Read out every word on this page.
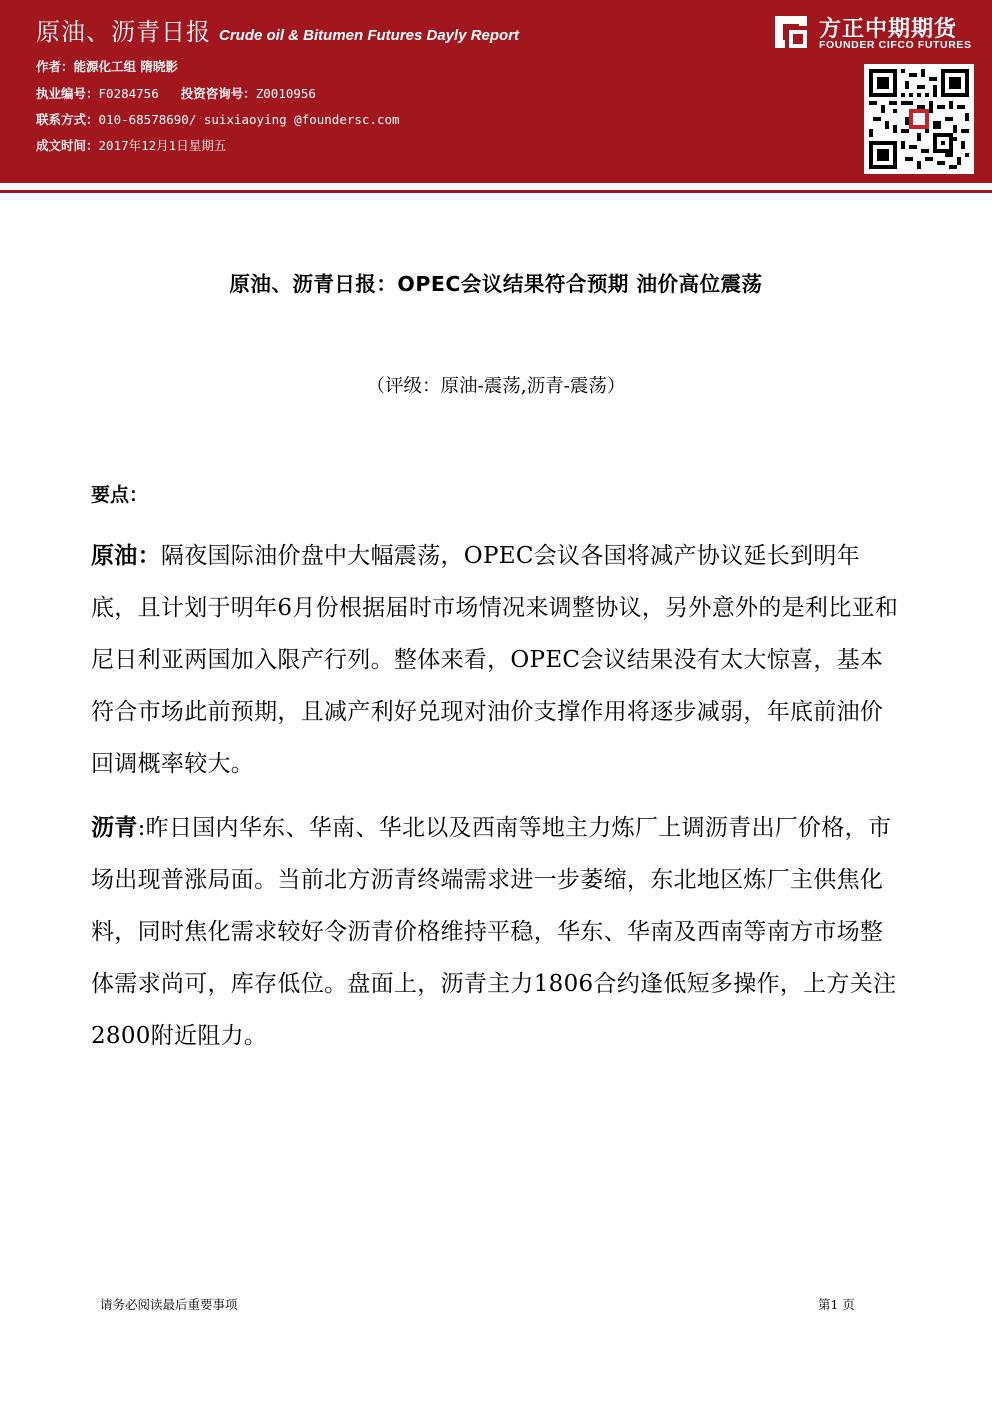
原油、沥青日报 Crude oil & Bitumen Futures Dayly Report
作者：能源化工组 隋晓影
执业编号：F0284756 投资咨询号：Z0010956
联系方式：010-68578690/ suixiaoying @foundersc.com
成文时间：2017年12月1日星期五
方正中期期货
FOUNDER CIFCO FUTURES
原油、沥青日报：OPEC会议结果符合预期 油价高位震荡
（评级：原油-震荡,沥青-震荡）
要点：
原油：隔夜国际油价盘中大幅震荡，OPEC会议各国将减产协议延长到明年底，且计划于明年6月份根据届时市场情况来调整协议，另外意外的是利比亚和尼日利亚两国加入限产行列。整体来看，OPEC会议结果没有太大惊喜，基本符合市场此前预期，且减产利好兑现对油价支撑作用将逐步减弱，年底前油价回调概率较大。
沥青:昨日国内华东、华南、华北以及西南等地主力炼厂上调沥青出厂价格，市场出现普涨局面。当前北方沥青终端需求进一步萎缩，东北地区炼厂主供焦化料，同时焦化需求较好令沥青价格维持平稳，华东、华南及西南等南方市场整体需求尚可，库存低位。盘面上，沥青主力1806合约逢低短多操作，上方关注2800附近阻力。
请务必阅读最后重要事项	第1 页
